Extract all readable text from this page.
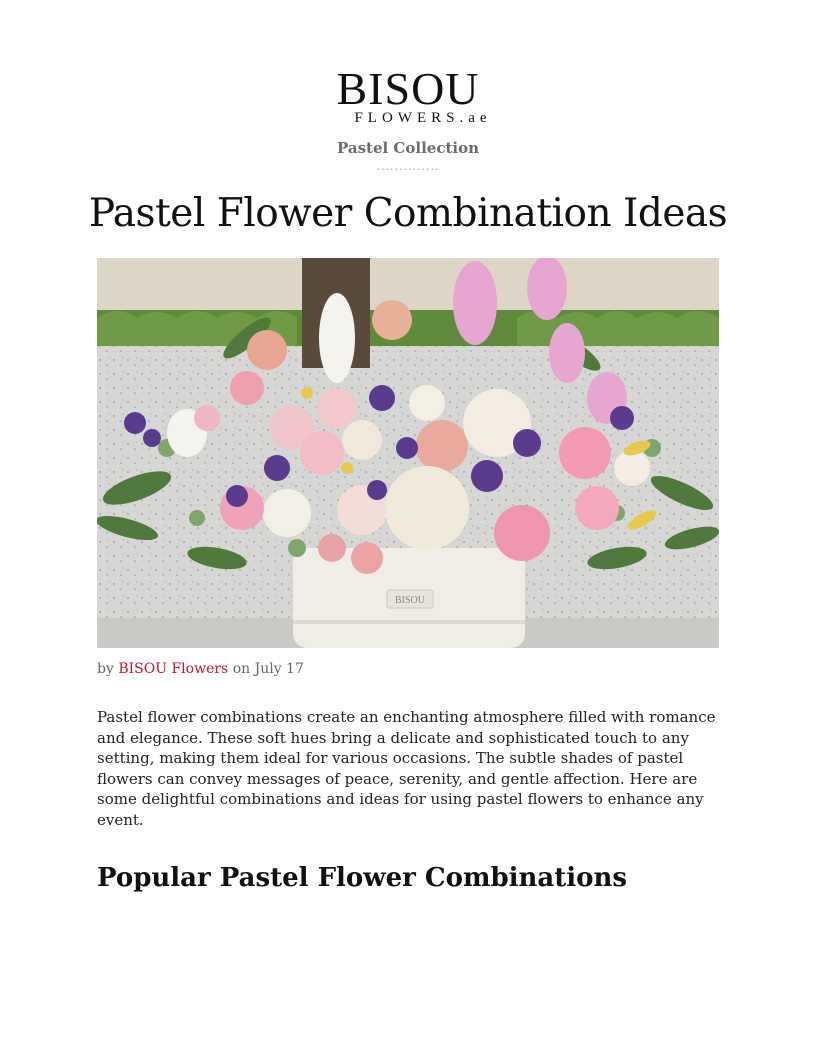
BISOU
FLOWERS.ae
Pastel Collection
..............
Pastel Flower Combination Ideas
BISOU
by BISOU Flowers on July 17

Pastel flower combinations create an enchanting atmosphere filled with romance and elegance. These soft hues bring a delicate and sophisticated touch to any setting, making them ideal for various occasions. The subtle shades of pastel flowers can convey messages of peace, serenity, and gentle affection. Here are some delightful combinations and ideas for using pastel flowers to enhance any event.

Popular Pastel Flower Combinations
